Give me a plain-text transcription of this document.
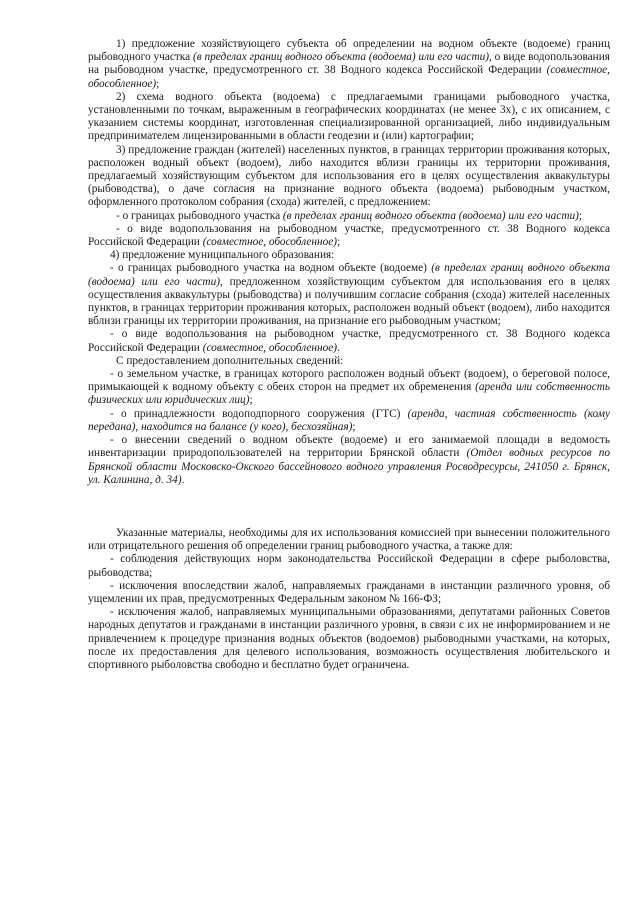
1) предложение хозяйствующего субъекта об определении на водном объекте (водоеме) границ рыбоводного участка (в пределах границ водного объекта (водоема) или его части), о виде водопользования на рыбоводном участке, предусмотренного ст. 38 Водного кодекса Российской Федерации (совместное, обособленное);

2) схема водного объекта (водоема) с предлагаемыми границами рыбоводного участка, установленными по точкам, выраженным в географических координатах (не менее 3х), с их описанием, с указанием системы координат, изготовленная специализированной организацией, либо индивидуальным предпринимателем лицензированными в области геодезии и (или) картографии;

3) предложение граждан (жителей) населенных пунктов, в границах территории проживания которых, расположен водный объект (водоем), либо находится вблизи границы их территории проживания, предлагаемый хозяйствующим субъектом для использования его в целях осуществления аквакультуры (рыбоводства), о даче согласия на признание водного объекта (водоема) рыбоводным участком, оформленного протоколом собрания (схода) жителей, с предложением:

- о границах рыбоводного участка (в пределах границ водного объекта (водоема) или его части);

- о виде водопользования на рыбоводном участке, предусмотренного ст. 38 Водного кодекса Российской Федерации (совместное, обособленное);

4) предложение муниципального образования:

- о границах рыбоводного участка на водном объекте (водоеме) (в пределах границ водного объекта (водоема) или его части), предложенном хозяйствующим субъектом для использования его в целях осуществления аквакультуры (рыбоводства) и получившим согласие собрания (схода) жителей населенных пунктов, в границах территории проживания которых, расположен водный объект (водоем), либо находится вблизи границы их территории проживания, на признание его рыбоводным участком;

- о виде водопользования на рыбоводном участке, предусмотренного ст. 38 Водного кодекса Российской Федерации (совместное, обособленное).

С предоставлением дополнительных сведений:

- о земельном участке, в границах которого расположен водный объект (водоем), о береговой полосе, примыкающей к водному объекту с обеих сторон на предмет их обременения (аренда или собственность физических или юридических лиц);

- о принадлежности водоподпорного сооружения (ГТС) (аренда, частная собственность (кому передана), находится на балансе (у кого), бесхозяйная);

- о внесении сведений о водном объекте (водоеме) и его занимаемой площади в ведомость инвентаризации природопользователей на территории Брянской области (Отдел водных ресурсов по Брянской области Московско-Окского бассейнового водного управления Росводресурсы, 241050 г. Брянск, ул. Калинина, д. 34).

Указанные материалы, необходимы для их использования комиссией при вынесении положительного или отрицательного решения об определении границ рыбоводного участка, а также для:

- соблюдения действующих норм законодательства Российской Федерации в сфере рыболовства, рыбоводства;

- исключения впоследствии жалоб, направляемых гражданами в инстанции различного уровня, об ущемлении их прав, предусмотренных Федеральным законом № 166-ФЗ;

- исключения жалоб, направляемых муниципальными образованиями, депутатами районных Советов народных депутатов и гражданами в инстанции различного уровня, в связи с их не информированием и не привлечением к процедуре признания водных объектов (водоемов) рыбоводными участками, на которых, после их предоставления для целевого использования, возможность осуществления любительского и спортивного рыболовства свободно и бесплатно будет ограничена.
